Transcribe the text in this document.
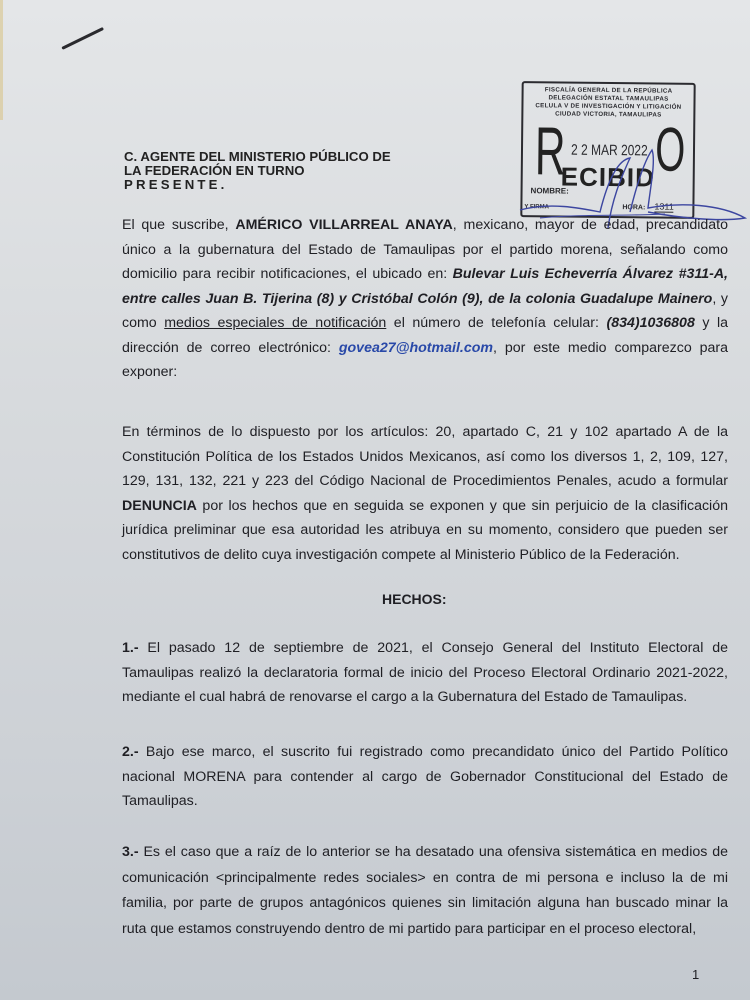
FISCALÍA GENERAL DE LA REPÚBLICA
DELEGACIÓN ESTATAL TAMAULIPAS
CELULA V DE INVESTIGACIÓN Y LITIGACIÓN
CIUDAD VICTORIA, TAMAULIPAS
R 2 2 MAR 2022
ECIBID O
NOMBRE:
Y FIRMA	HORA: 1311
C. AGENTE DEL MINISTERIO PÚBLICO DE
LA FEDERACIÓN EN TURNO
PRESENTE.
El que suscribe, AMÉRICO VILLARREAL ANAYA, mexicano, mayor de edad, precandidato único a la gubernatura del Estado de Tamaulipas por el partido morena, señalando como domicilio para recibir notificaciones, el ubicado en: Bulevar Luis Echeverría Álvarez #311-A, entre calles Juan B. Tijerina (8) y Cristóbal Colón (9), de la colonia Guadalupe Mainero, y como medios especiales de notificación el número de telefonía celular: (834)1036808 y la dirección de correo electrónico: govea27@hotmail.com, por este medio comparezco para exponer:
En términos de lo dispuesto por los artículos: 20, apartado C, 21 y 102 apartado A de la Constitución Política de los Estados Unidos Mexicanos, así como los diversos 1, 2, 109, 127, 129, 131, 132, 221 y 223 del Código Nacional de Procedimientos Penales, acudo a formular DENUNCIA por los hechos que en seguida se exponen y que sin perjuicio de la clasificación jurídica preliminar que esa autoridad les atribuya en su momento, considero que pueden ser constitutivos de delito cuya investigación compete al Ministerio Público de la Federación.
HECHOS:
1.- El pasado 12 de septiembre de 2021, el Consejo General del Instituto Electoral de Tamaulipas realizó la declaratoria formal de inicio del Proceso Electoral Ordinario 2021-2022, mediante el cual habrá de renovarse el cargo a la Gubernatura del Estado de Tamaulipas.
2.- Bajo ese marco, el suscrito fui registrado como precandidato único del Partido Político nacional MORENA para contender al cargo de Gobernador Constitucional del Estado de Tamaulipas.
3.- Es el caso que a raíz de lo anterior se ha desatado una ofensiva sistemática en medios de comunicación <principalmente redes sociales> en contra de mi persona e incluso la de mi familia, por parte de grupos antagónicos quienes sin limitación alguna han buscado minar la ruta que estamos construyendo dentro de mi partido para participar en el proceso electoral,
1
